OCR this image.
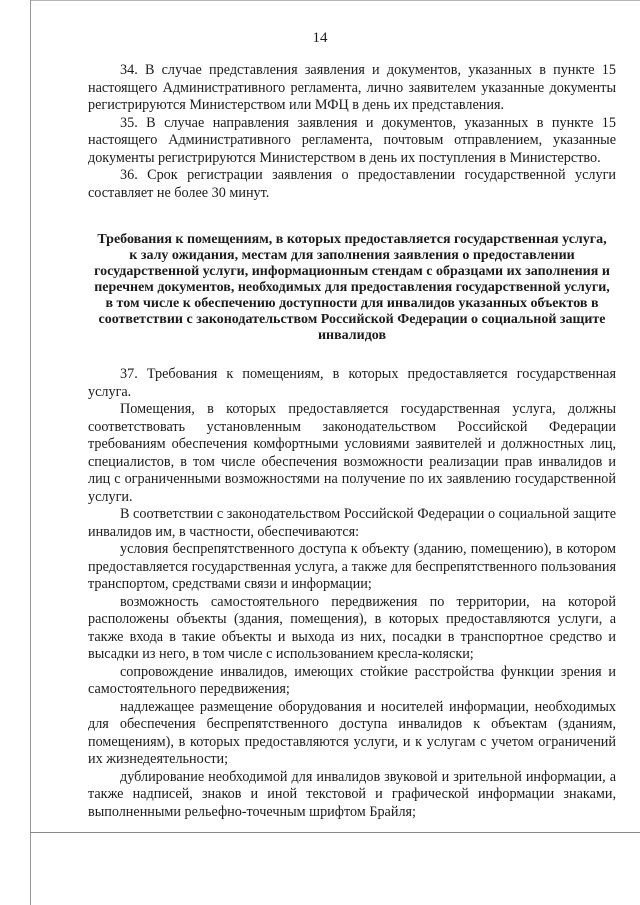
14

34. В случае представления заявления и документов, указанных в пункте 15 настоящего Административного регламента, лично заявителем указанные документы регистрируются Министерством или МФЦ в день их представления.

35. В случае направления заявления и документов, указанных в пункте 15 настоящего Административного регламента, почтовым отправлением, указанные документы регистрируются Министерством в день их поступления в Министерство.

36. Срок регистрации заявления о предоставлении государственной услуги составляет не более 30 минут.

Требования к помещениям, в которых предоставляется государственная услуга, к залу ожидания, местам для заполнения заявления о предоставлении государственной услуги, информационным стендам с образцами их заполнения и перечнем документов, необходимых для предоставления государственной услуги, в том числе к обеспечению доступности для инвалидов указанных объектов в соответствии с законодательством Российской Федерации о социальной защите инвалидов

37. Требования к помещениям, в которых предоставляется государственная услуга.

Помещения, в которых предоставляется государственная услуга, должны соответствовать установленным законодательством Российской Федерации требованиям обеспечения комфортными условиями заявителей и должностных лиц, специалистов, в том числе обеспечения возможности реализации прав инвалидов и лиц с ограниченными возможностями на получение по их заявлению государственной услуги.

В соответствии с законодательством Российской Федерации о социальной защите инвалидов им, в частности, обеспечиваются:

условия беспрепятственного доступа к объекту (зданию, помещению), в котором предоставляется государственная услуга, а также для беспрепятственного пользования транспортом, средствами связи и информации;

возможность самостоятельного передвижения по территории, на которой расположены объекты (здания, помещения), в которых предоставляются услуги, а также входа в такие объекты и выхода из них, посадки в транспортное средство и высадки из него, в том числе с использованием кресла-коляски;

сопровождение инвалидов, имеющих стойкие расстройства функции зрения и самостоятельного передвижения;

надлежащее размещение оборудования и носителей информации, необходимых для обеспечения беспрепятственного доступа инвалидов к объектам (зданиям, помещениям), в которых предоставляются услуги, и к услугам с учетом ограничений их жизнедеятельности;

дублирование необходимой для инвалидов звуковой и зрительной информации, а также надписей, знаков и иной текстовой и графической информации знаками, выполненными рельефно-точечным шрифтом Брайля;
